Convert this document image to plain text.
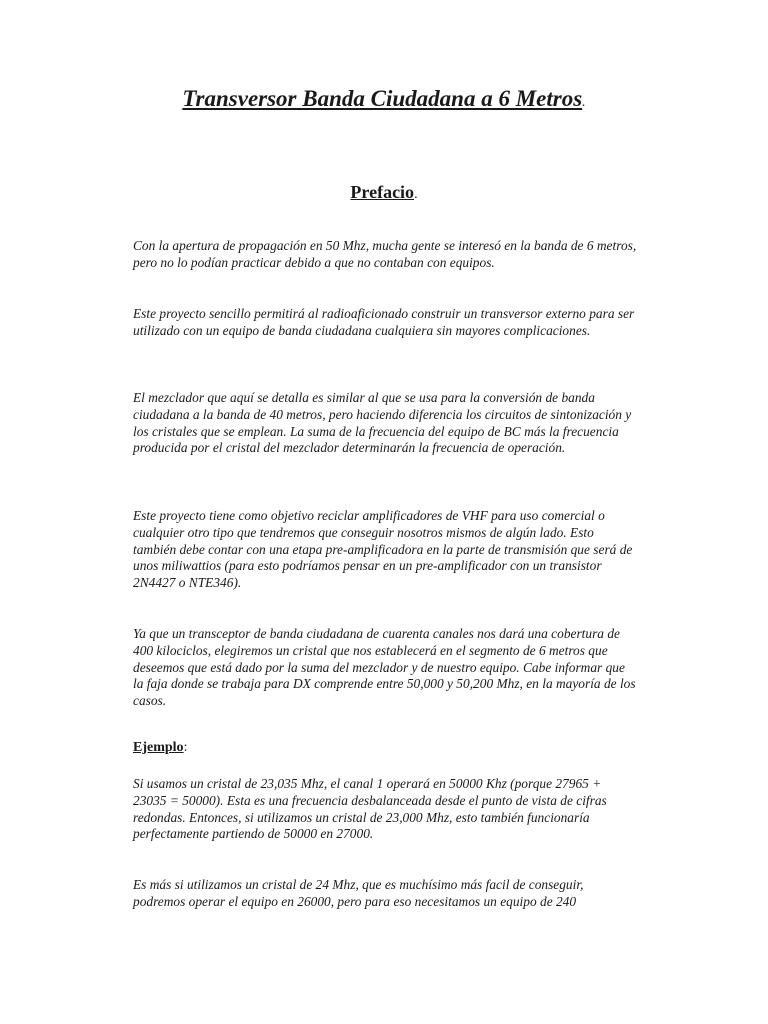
Transversor Banda Ciudadana a 6 Metros.
Prefacio.

Con la apertura de propagación en 50 Mhz, mucha gente se interesó en la banda de 6 metros, pero no lo podían practicar debido a que no contaban con equipos.

Este proyecto sencillo permitirá al radioaficionado construir un transversor externo para ser utilizado con un equipo de banda ciudadana cualquiera sin mayores complicaciones.

El mezclador que aquí se detalla es similar al que se usa para la conversión de banda ciudadana a la banda de 40 metros, pero haciendo diferencia los circuitos de sintonización y los cristales que se emplean. La suma de la frecuencia del equipo de BC más la frecuencia producida por el cristal del mezclador determinarán la frecuencia de operación.

Este proyecto tiene como objetivo reciclar amplificadores de VHF para uso comercial o cualquier otro tipo que tendremos que conseguir nosotros mismos de algún lado. Esto también debe contar con una etapa pre-amplificadora en la parte de transmisión que será de unos miliwattios (para esto podríamos pensar en un pre-amplificador con un transistor 2N4427 o NTE346).

Ya que un transceptor de banda ciudadana de cuarenta canales nos dará una cobertura de 400 kilociclos, elegiremos un cristal que nos establecerá en el segmento de 6 metros que deseemos que está dado por la suma del mezclador y de nuestro equipo. Cabe informar que la faja donde se trabaja para DX comprende entre 50,000 y 50,200 Mhz, en la mayoría de los casos.

Ejemplo:

Si usamos un cristal de 23,035 Mhz, el canal 1 operará en 50000 Khz (porque 27965 + 23035 = 50000). Esta es una frecuencia desbalanceada desde el punto de vista de cifras redondas. Entonces, si utilizamos un cristal de 23,000 Mhz, esto también funcionaría perfectamente partiendo de 50000 en 27000.

Es más si utilizamos un cristal de 24 Mhz, que es muchísimo más facil de conseguir, podremos operar el equipo en 26000, pero para eso necesitamos un equipo de 240
